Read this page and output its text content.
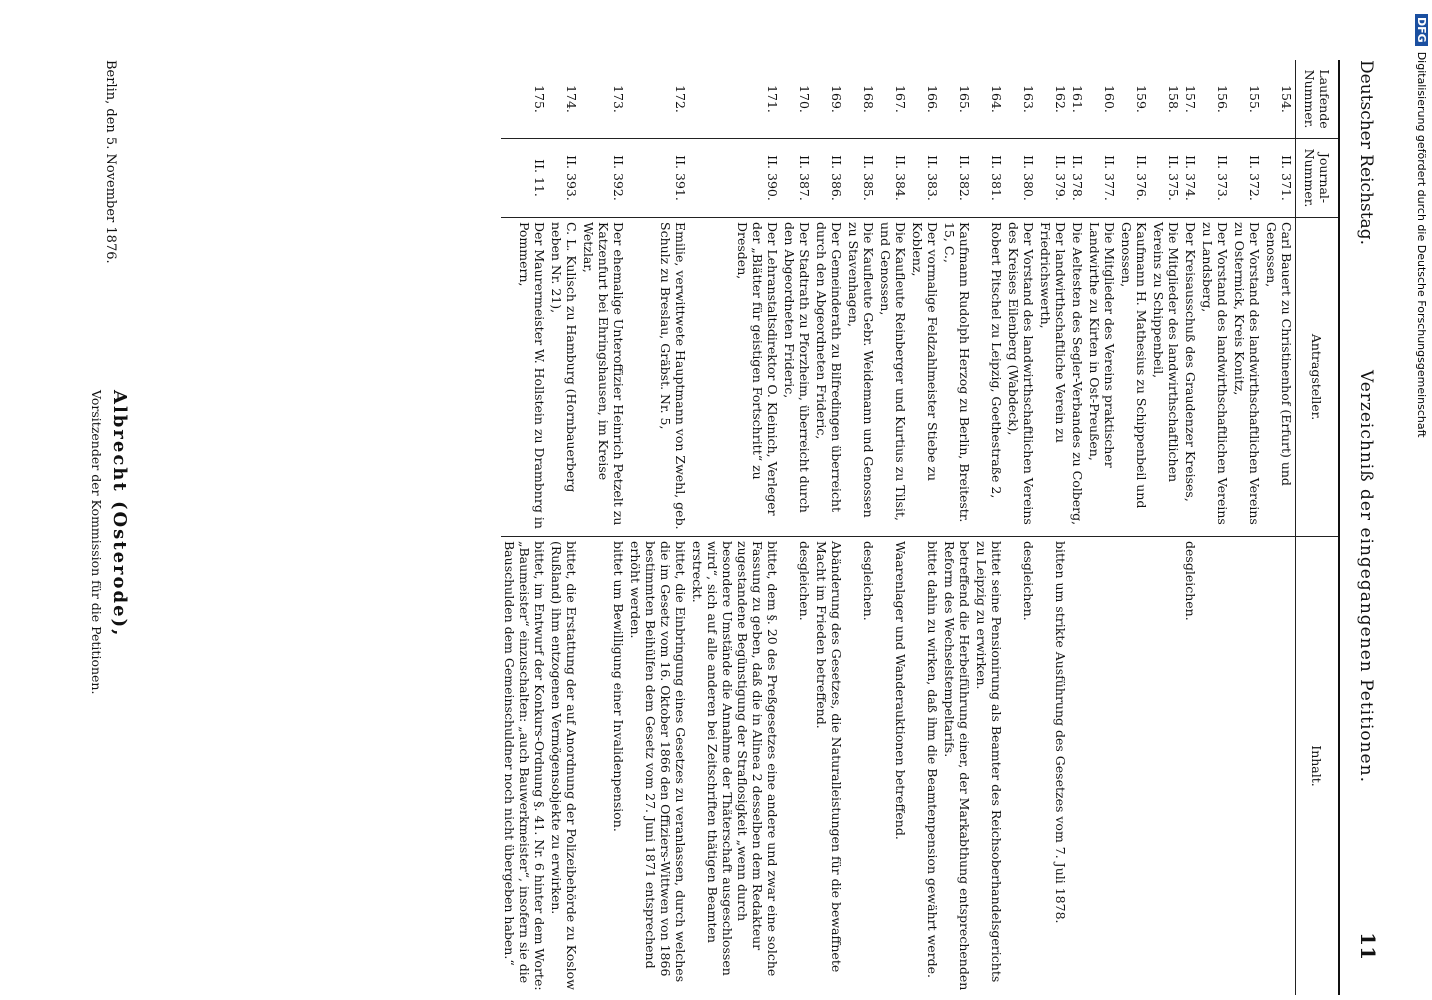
Deutscher Reichstag.
Verzeichniß der eingegangenen Petitionen.
11
Laufende Nummer.	Journal-Nummer.	Antragsteller.	Inhalt.
154.	II. 371.	Carl Bauert zu Christinenhof (Erfurt) und Genossen,	
155.	II. 372.	Der Vorstand des landwirthschaftlichen Vereins zu Ostermick, Kreis Konitz,	
156.	II. 373.	Der Vorstand des landwirthschaftlichen Vereins zu Landsberg,	
157.	II. 374.	Der Kreisausschuß des Graudenzer Kreises,	desgleichen.
158.	II. 375.	Die Mitglieder des landwirthschaftlichen Vereins zu Schippenbeil,	
159.	II. 376.	Kaufmann H. Mathesius zu Schippenbeil und Genossen,	
160.	II. 377.	Die Mitglieder des Vereins praktischer Landwirthe zu Kirten in Ost-Preußen,	
161.	II. 378.	Die Aeltesten des Segler-Verbandes zu Colberg,	
162.	II. 379.	Der landwirthschaftliche Verein zu Friedrichswerth,	bitten um strikte Ausführung des Gesetzes vom 7. Juli 1878.
163.	II. 380.	Der Vorstand des landwirthschaftlichen Vereins des Kreises Eilenberg (Wabdeck),	desgleichen.
164.	II. 381.	Robert Pitschel zu Leipzig, Goethestraße 2,	bittet seine Pensionirung als Beamter des Reichsoberhandelsgerichts zu Leipzig zu erwirken.
165.	II. 382.	Kaufmann Rudolph Herzog zu Berlin, Breitestr. 15, C.,	betreffend die Herbeiführung einer, der Markabthung entsprechenden Reform des Wechselstempeltarifs.
166.	II. 383.	Der vormalige Feldzahlmeister Stiebe zu Koblenz,	bittet dahin zu wirken, daß ihm die Beamtenpension gewährt werde.
167.	II. 384.	Die Kaufleute Reinberger und Kurtius zu Tilsit, und Genossen,	Waarenlager und Wanderauktionen betreffend.
168.	II. 385.	Die Kaufleute Gebr. Weidemann und Genossen zu Stavenhagen,	desgleichen.
169.	II. 386.	Der Gemeinderath zu Bilfredingen überreicht durch den Abgeordneten Frideric,	Abänderung des Gesetzes, die Naturalleistungen für die bewaffnete Macht im Frieden betreffend.
170.	II. 387.	Der Stadtrath zu Pforzheim, überreicht durch den Abgeordneten Frideric,	desgleichen.
171.	II. 390.	Der Lehranstaltsdirektor O. Kleinich, Verleger der „Blätter für geistigen Fortschritt“ zu Dresden,	bittet, dem §. 20 des Preßgesetzes eine andere und zwar eine solche Fassung zu geben, daß die in Alinea 2 desselben dem Redakteur zugestandene Begünstigung der Straflosigkeit „wenn durch besondere Umstände die Annahme der Thäterschaft ausgeschlossen wird“, sich auf alle anderen bei Zeitschriften thätigen Beamten erstreckt.
172.	II. 391.	Emilie, verwittwete Hauptmann von Zwehl, geb. Schulz zu Breslau, Gräbst. Nr. 5,	bittet, die Einbringung eines Gesetzes zu veranlassen, durch welches die im Gesetz vom 16. Oktober 1866 den Offiziers-Wittwen von 1866 bestimmten Beihülfen dem Gesetz vom 27. Juni 1871 entsprechend erhöht werden.
173.	II. 392.	Der ehemalige Unteroffizier Heinrich Petzelt zu Katzenfurt bei Ehringshausen, im Kreise Wetzlar,	bittet um Bewilligung einer Invalidenpension.
174.	II. 393.	C. L. Kulisch zu Hamburg (Hornbauerberg neben Nr. 21),	bittet, die Erstattung der auf Anordnung der Polizeibehörde zu Koslow (Rußland) ihm entzogenen Vermögensobjekte zu erwirken.
175.	II. 11.	Der Maurermeister W. Hollstein zu Drambnrg in Pommern,	bittet, im Entwurf der Konkurs-Ordnung §. 41. Nr. 6 hinter dem Worte: „Baumeister“ einzuschalten: „auch Bauwerkmeister“, insofern sie die Bauschulden dem Gemeinschuldner noch nicht übergeben haben.“
Berlin, den 5. November 1876.
Albrecht (Osterode),
Vorsitzender der Kommission für die Petitionen.
DFGDigitalisierung gefördert durch die Deutsche Forschungsgemeinschaft
